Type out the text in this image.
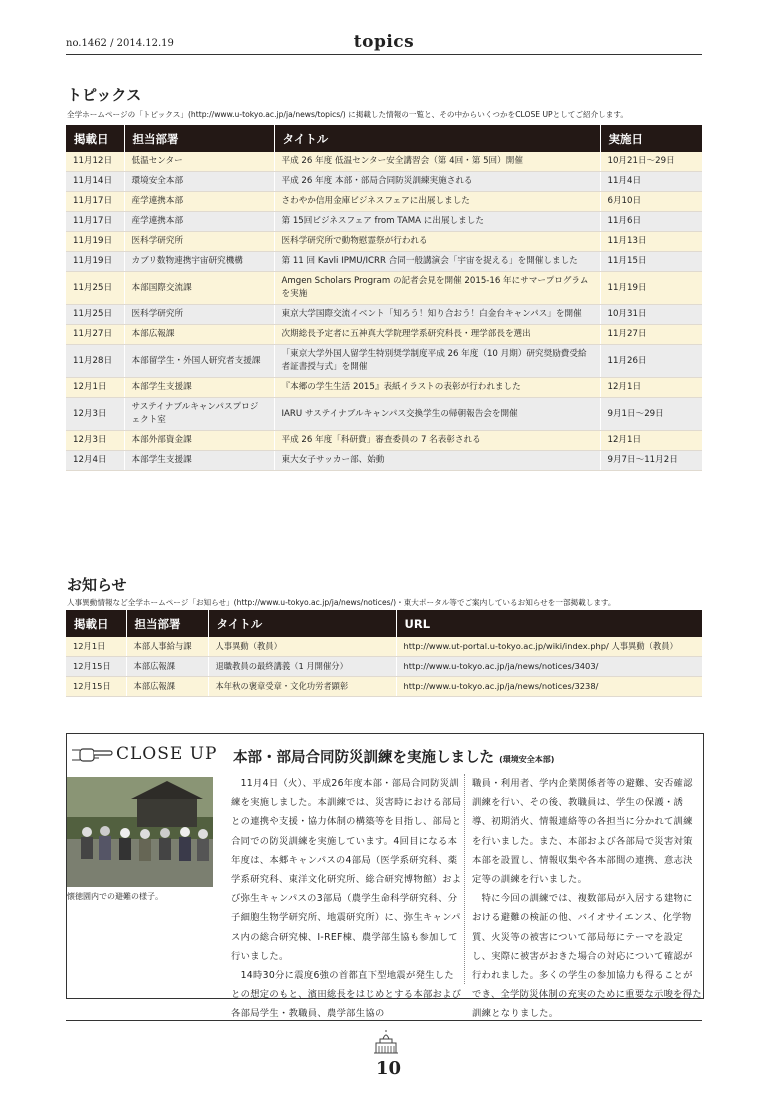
no.1462 / 2014.12.19	topics
トピックス
全学ホームページの「トピックス」(http://www.u-tokyo.ac.jp/ja/news/topics/) に掲載した情報の一覧と、その中からいくつかをCLOSE UPとしてご紹介します。
掲載日	担当部署	タイトル	実施日
11月12日	低温センター	平成 26 年度 低温センター安全講習会（第 4回・第 5回）開催	10月21日～29日
11月14日	環境安全本部	平成 26 年度 本部・部局合同防災訓練実施される	11月4日
11月17日	産学連携本部	さわやか信用金庫ビジネスフェアに出展しました	6月10日
11月17日	産学連携本部	第 15回ビジネスフェア from TAMA に出展しました	11月6日
11月19日	医科学研究所	医科学研究所で動物慰霊祭が行われる	11月13日
11月19日	カブリ数物連携宇宙研究機構	第 11 回 Kavli IPMU/ICRR 合同一般講演会「宇宙を捉える」を開催しました	11月15日
11月25日	本部国際交流課	Amgen Scholars Program の記者会見を開催 2015-16 年にサマープログラムを実施	11月19日
11月25日	医科学研究所	東京大学国際交流イベント「知ろう！知り合おう！白金台キャンパス」を開催	10月31日
11月27日	本部広報課	次期総長予定者に五神真大学院理学系研究科長・理学部長を選出	11月27日
11月28日	本部留学生・外国人研究者支援課	「東京大学外国人留学生特別奨学制度平成 26 年度（10 月期）研究奨励費受給者証書授与式」を開催	11月26日
12月1日	本部学生支援課	『本郷の学生生活 2015』表紙イラストの表彰が行われました	12月1日
12月3日	サステイナブルキャンパスプロジェクト室	IARU サステイナブルキャンパス交換学生の帰朝報告会を開催	9月1日～29日
12月3日	本部外部資金課	平成 26 年度「科研費」審査委員の 7 名表彰される	12月1日
12月4日	本部学生支援課	東大女子サッカー部、始動	9月7日～11月2日
お知らせ
人事異動情報など全学ホームページ「お知らせ」(http://www.u-tokyo.ac.jp/ja/news/notices/)・東大ポータル等でご案内しているお知らせを一部掲載します。
掲載日	担当部署	タイトル	URL
12月1日	本部人事給与課	人事異動（教員）	http://www.ut-portal.u-tokyo.ac.jp/wiki/index.php/ 人事異動（教員）
12月15日	本部広報課	退職教員の最終講義（1 月開催分）	http://www.u-tokyo.ac.jp/ja/news/notices/3403/
12月15日	本部広報課	本年秋の褒章受章・文化功労者顕彰	http://www.u-tokyo.ac.jp/ja/news/notices/3238/
CLOSE UP 本部・部局合同防災訓練を実施しました (環境安全本部)
懐徳園内での避難の様子。
　11月4日（火）、平成26年度本部・部局合同防災訓練を実施しました。本訓練では、災害時における部局との連携や支援・協力体制の構築等を目指し、部局と合同での防災訓練を実施しています。4回目になる本年度は、本郷キャンパスの4部局（医学系研究科、薬学系研究科、東洋文化研究所、総合研究博物館）および弥生キャンパスの3部局（農学生命科学研究科、分子細胞生物学研究所、地震研究所）に、弥生キャンパス内の総合研究棟、I-REF棟、農学部生協も参加して行いました。
　14時30分に震度6強の首都直下型地震が発生したとの想定のもと、濱田総長をはじめとする本部および各部局学生・教職員、農学部生協の
職員・利用者、学内企業関係者等の避難、安否確認訓練を行い、その後、教職員は、学生の保護・誘導、初期消火、情報連絡等の各担当に分かれて訓練を行いました。また、本部および各部局で災害対策本部を設置し、情報収集や各本部間の連携、意志決定等の訓練を行いました。
　特に今回の訓練では、複数部局が入居する建物における避難の検証の他、バイオサイエンス、化学物質、火災等の被害について部局毎にテーマを設定し、実際に被害がおきた場合の対応について確認が行われました。多くの学生の参加協力も得ることができ、全学防災体制の充実のために重要な示唆を得た訓練となりました。
10
